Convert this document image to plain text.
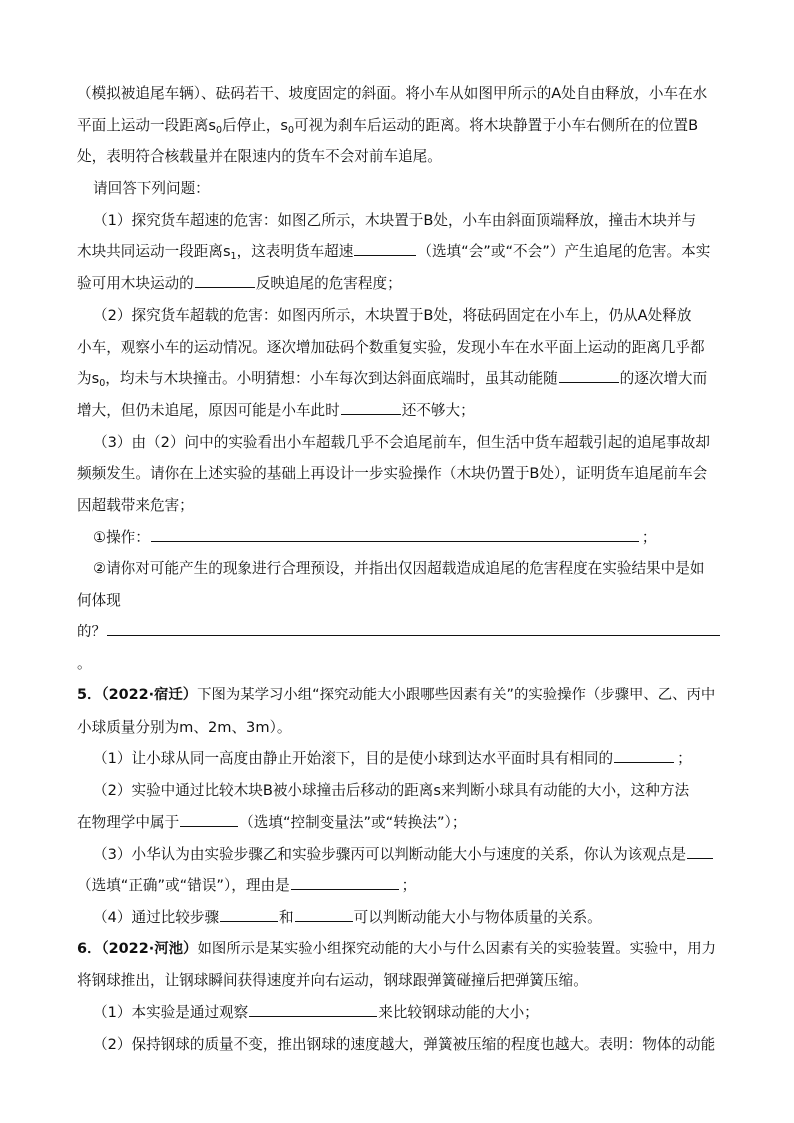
（模拟被追尾车辆）、砝码若干、坡度固定的斜面。将小车从如图甲所示的A处自由释放，小车在水
平面上运动一段距离$s_0$后停止，$s_0$可视为刹车后运动的距离。将木块静置于小车右侧所在的位置B
处，表明符合核载量并在限速内的货车不会对前车追尾。
请回答下列问题：
（1）探究货车超速的危害：如图乙所示，木块置于B处，小车由斜面顶端释放，撞击木块并与
木块共同运动一段距离$s_1$，这表明货车超速	（选填“会”或“不会”）产生追尾的危害。本实
验可用木块运动的	反映追尾的危害程度；
（2）探究货车超载的危害：如图丙所示，木块置于B处，将砝码固定在小车上，仍从A处释放
小车，观察小车的运动情况。逐次增加砝码个数重复实验，发现小车在水平面上运动的距离几乎都
为$s_0$，均未与木块撞击。小明猜想：小车每次到达斜面底端时，虽其动能随	的逐次增大而
增大，但仍未追尾，原因可能是小车此时	还不够大；
（3）由（2）问中的实验看出小车超载几乎不会追尾前车，但生活中货车超载引起的追尾事故却
频频发生。请你在上述实验的基础上再设计一步实验操作（木块仍置于B处），证明货车追尾前车会
因超载带来危害；
①操作：	；
②请你对可能产生的现象进行合理预设，并指出仅因超载造成追尾的危害程度在实验结果中是如
何体现
的？
。
5．（2022·宿迁）下图为某学习小组“探究动能大小跟哪些因素有关”的实验操作（步骤甲、乙、丙中
小球质量分别为m、2m、3m）。
（1）让小球从同一高度由静止开始滚下，目的是使小球到达水平面时具有相同的	；
（2）实验中通过比较木块B被小球撞击后移动的距离s来判断小球具有动能的大小，这种方法
在物理学中属于	（选填“控制变量法”或“转换法”）；
（3）小华认为由实验步骤乙和实验步骤丙可以判断动能大小与速度的关系，你认为该观点是
（选填“正确”或“错误”），理由是	；
（4）通过比较步骤	和	可以判断动能大小与物体质量的关系。
6．（2022·河池）如图所示是某实验小组探究动能的大小与什么因素有关的实验装置。实验中，用力
将钢球推出，让钢球瞬间获得速度并向右运动，钢球跟弹簧碰撞后把弹簧压缩。
（1）本实验是通过观察	来比较钢球动能的大小；
（2）保持钢球的质量不变，推出钢球的速度越大，弹簧被压缩的程度也越大。表明：物体的动能
